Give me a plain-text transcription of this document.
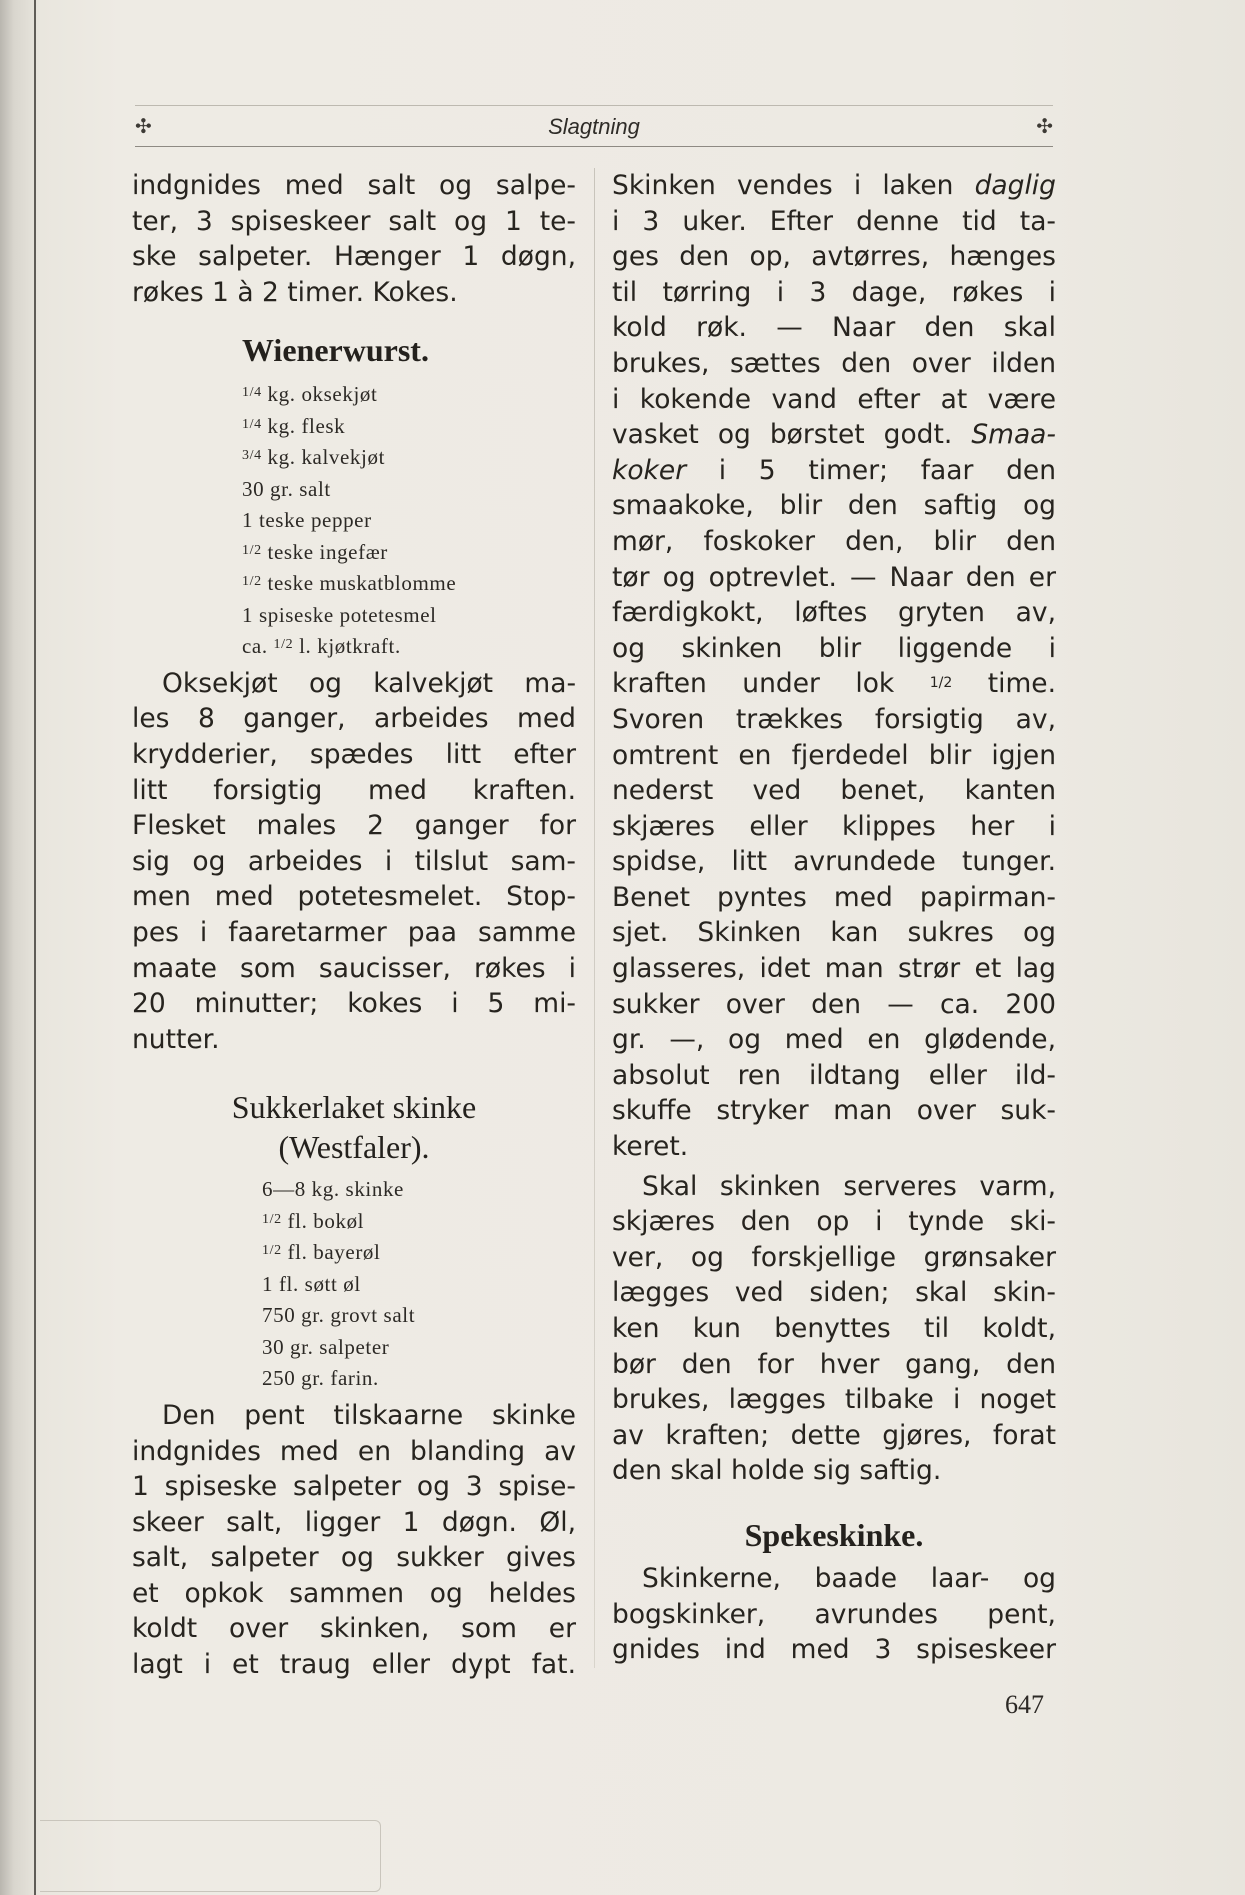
✣	Slagtning	✣

indgnides med salt og salpe-

ter, 3 spiseskeer salt og 1 te-

ske salpeter. Hænger 1 døgn,

røkes 1 à 2 timer. Kokes.

Wienerwurst.
$^{1/4}$ kg. oksekjøt
$^{1/4}$ kg. flesk
$^{3/4}$ kg. kalvekjøt
30 gr. salt
1 teske pepper
$^{1/2}$ teske ingefær
$^{1/2}$ teske muskatblomme
1 spiseske potetesmel
ca. $^{1/2}$ l. kjøtkraft.

Oksekjøt og kalvekjøt ma-

les 8 ganger, arbeides med

krydderier, spædes litt efter

litt forsigtig med kraften.

Flesket males 2 ganger for

sig og arbeides i tilslut sam-

men med potetesmelet. Stop-

pes i faaretarmer paa samme

maate som saucisser, røkes i

20 minutter; kokes i 5 mi-

nutter.

Sukkerlaket skinke
(Westfaler).
6—8 kg. skinke
$^{1/2}$ fl. bokøl
$^{1/2}$ fl. bayerøl
1 fl. søtt øl
750 gr. grovt salt
30 gr. salpeter
250 gr. farin.

Den pent tilskaarne skinke

indgnides med en blanding av

1 spiseske salpeter og 3 spise-

skeer salt, ligger 1 døgn. Øl,

salt, salpeter og sukker gives

et opkok sammen og heldes

koldt over skinken, som er

lagt i et traug eller dypt fat.

Skinken vendes i laken daglig

i 3 uker. Efter denne tid ta-

ges den op, avtørres, hænges

til tørring i 3 dage, røkes i

kold røk. — Naar den skal

brukes, sættes den over ilden

i kokende vand efter at være

vasket og børstet godt. Smaa-

koker i 5 timer; faar den

smaakoke, blir den saftig og

mør, foskoker den, blir den

tør og optrevlet. — Naar den er

færdigkokt, løftes gryten av,

og skinken blir liggende i

kraften under lok 1/2 time.

Svoren trækkes forsigtig av,

omtrent en fjerdedel blir igjen

nederst ved benet, kanten

skjæres eller klippes her i

spidse, litt avrundede tunger.

Benet pyntes med papirman-

sjet. Skinken kan sukres og

glasseres, idet man strør et lag

sukker over den — ca. 200

gr. —, og med en glødende,

absolut ren ildtang eller ild-

skuffe stryker man over suk-

keret.

Skal skinken serveres varm,

skjæres den op i tynde ski-

ver, og forskjellige grønsaker

lægges ved siden; skal skin-

ken kun benyttes til koldt,

bør den for hver gang, den

brukes, lægges tilbake i noget

av kraften; dette gjøres, forat

den skal holde sig saftig.

Spekeskinke.

Skinkerne, baade laar- og

bogskinker, avrundes pent,

gnides ind med 3 spiseskeer

647
